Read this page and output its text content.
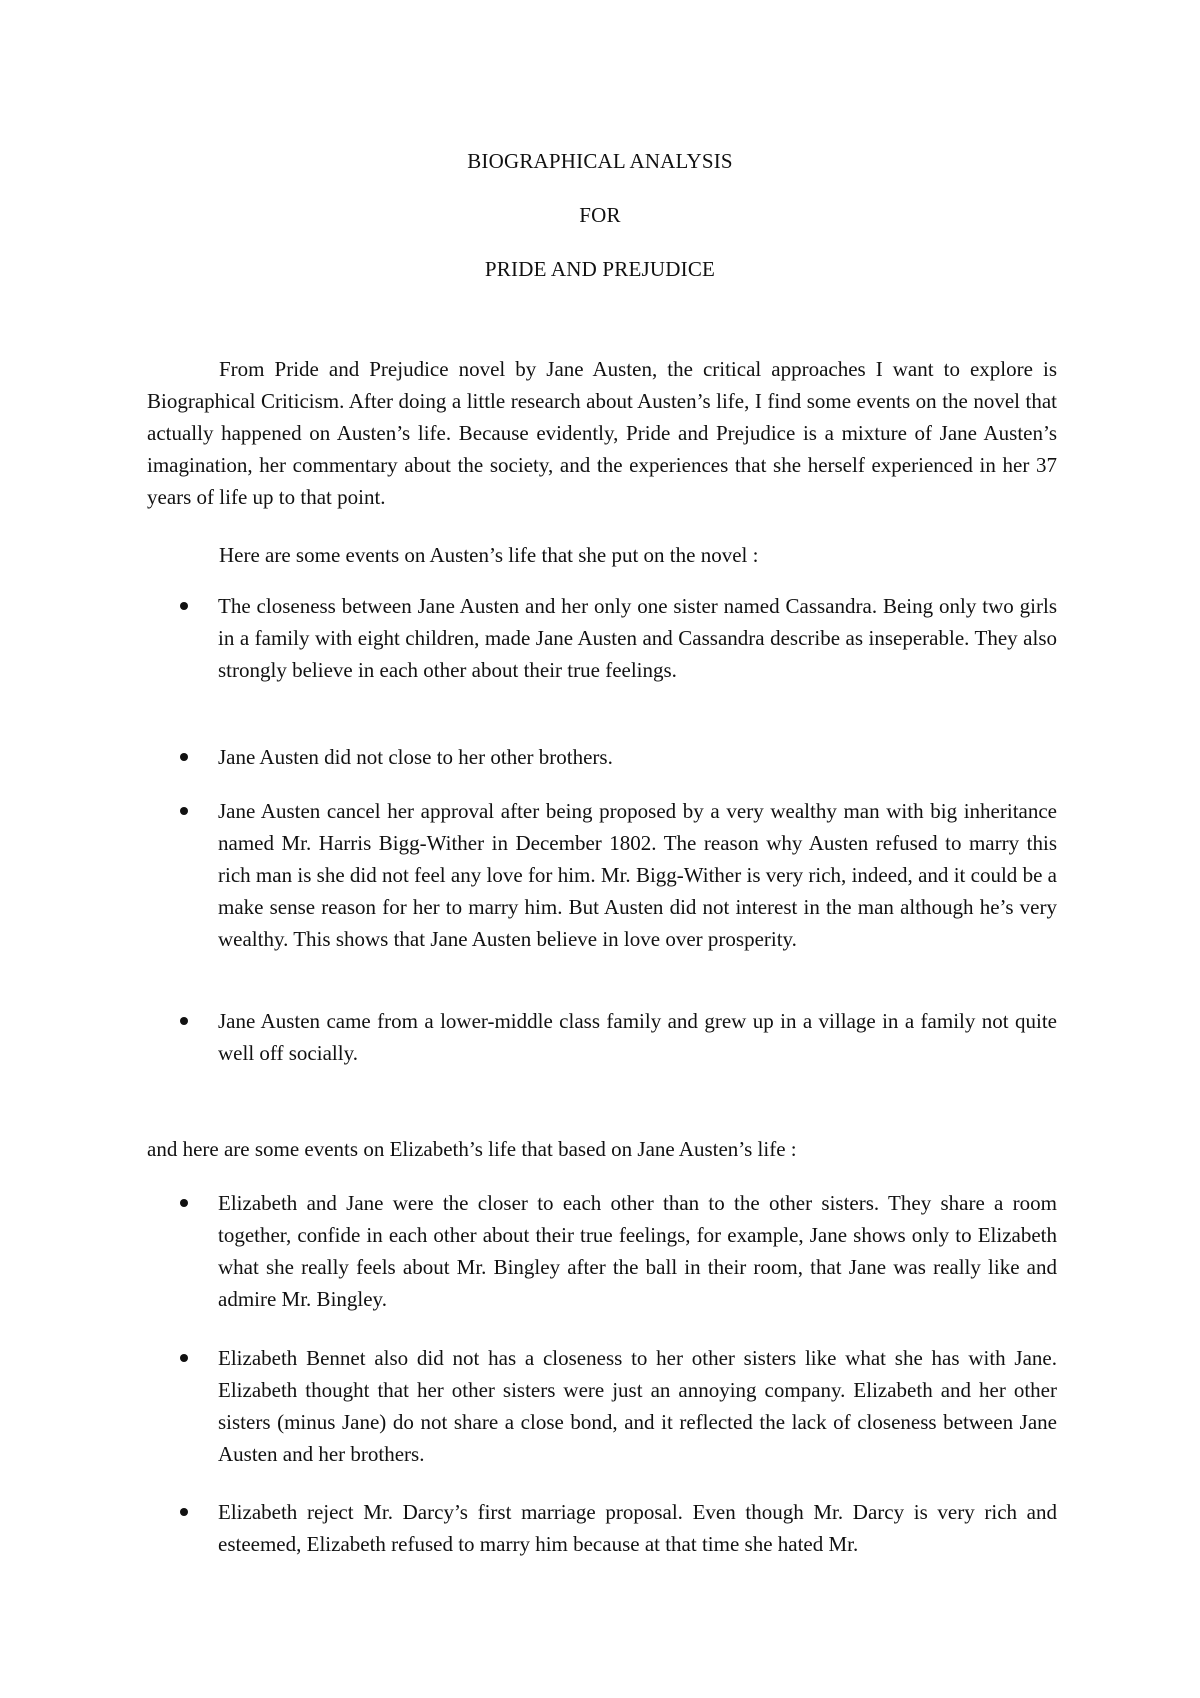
BIOGRAPHICAL ANALYSIS
FOR
PRIDE AND PREJUDICE

From Pride and Prejudice novel by Jane Austen, the critical approaches I want to explore is Biographical Criticism. After doing a little research about Austen’s life, I find some events on the novel that actually happened on Austen’s life. Because evidently, Pride and Prejudice is a mixture of Jane Austen’s imagination, her commentary about the society, and the experiences that she herself experienced in her 37 years of life up to that point.

Here are some events on Austen’s life that she put on the novel :

The closeness between Jane Austen and her only one sister named Cassandra. Being only two girls in a family with eight children, made Jane Austen and Cassandra describe as inseperable. They also strongly believe in each other about their true feelings.
Jane Austen did not close to her other brothers.
Jane Austen cancel her approval after being proposed by a very wealthy man with big inheritance named Mr. Harris Bigg-Wither in December 1802. The reason why Austen refused to marry this rich man is she did not feel any love for him. Mr. Bigg-Wither is very rich, indeed, and it could be a make sense reason for her to marry him. But Austen did not interest in the man although he’s very wealthy. This shows that Jane Austen believe in love over prosperity.
Jane Austen came from a lower-middle class family and grew up in a village in a family not quite well off socially.

and here are some events on Elizabeth’s life that based on Jane Austen’s life :

Elizabeth and Jane were the closer to each other than to the other sisters. They share a room together, confide in each other about their true feelings, for example, Jane shows only to Elizabeth what she really feels about Mr. Bingley after the ball in their room, that Jane was really like and admire Mr. Bingley.
Elizabeth Bennet also did not has a closeness to her other sisters like what she has with Jane. Elizabeth thought that her other sisters were just an annoying company. Elizabeth and her other sisters (minus Jane) do not share a close bond, and it reflected the lack of closeness between Jane Austen and her brothers.
Elizabeth reject Mr. Darcy’s first marriage proposal. Even though Mr. Darcy is very rich and esteemed, Elizabeth refused to marry him because at that time she hated Mr.
